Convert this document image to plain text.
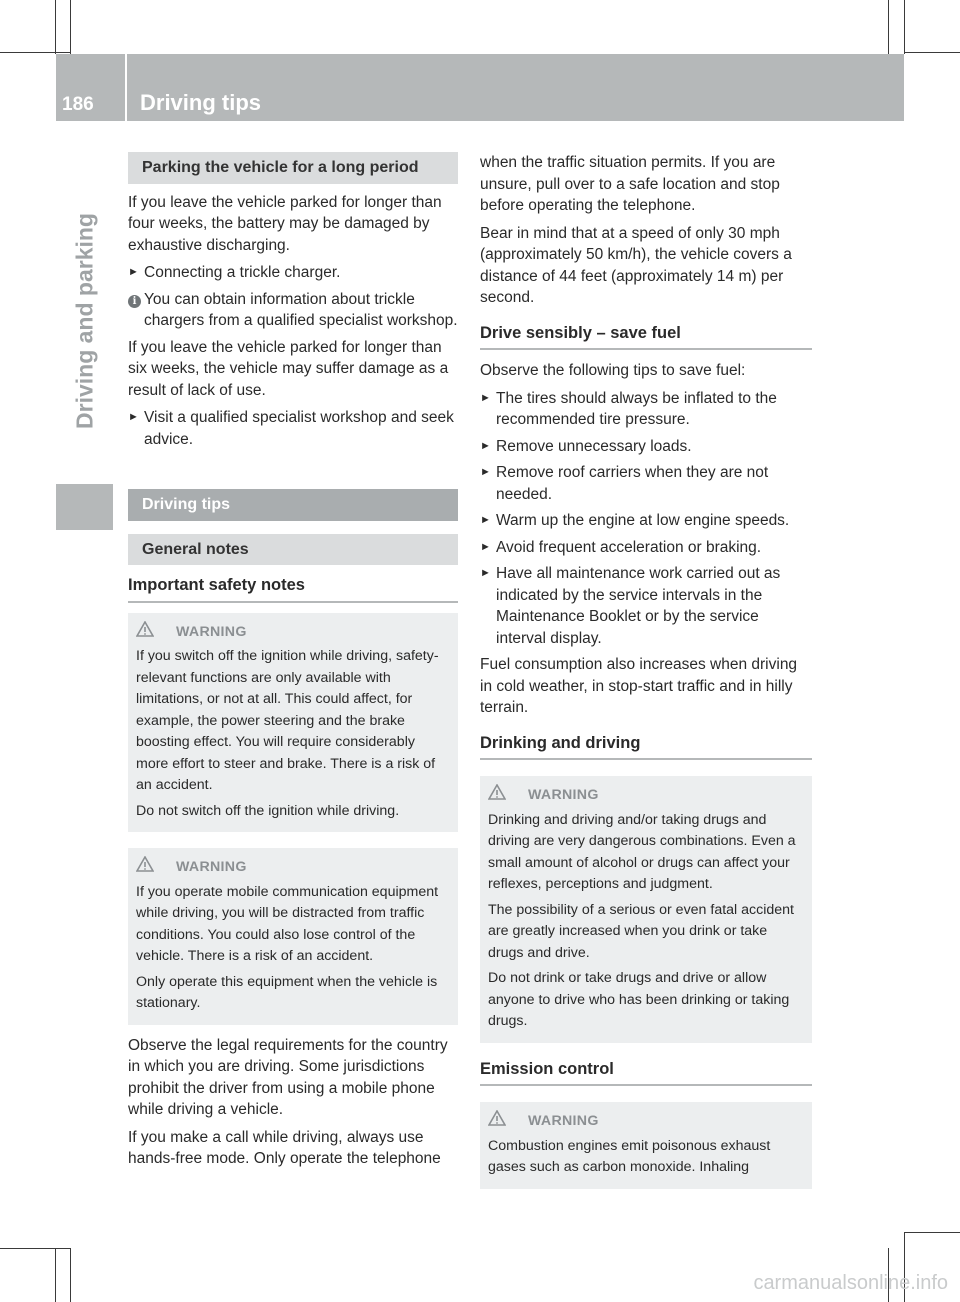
186 Driving tips
Driving and parking
Parking the vehicle for a long period

If you leave the vehicle parked for longer than four weeks, the battery may be damaged by exhaustive discharging.

► Connecting a trickle charger.
i You can obtain information about trickle chargers from a qualified specialist workshop.

If you leave the vehicle parked for longer than six weeks, the vehicle may suffer damage as a result of lack of use.

► Visit a qualified specialist workshop and seek advice.
Driving tips
General notes
Important safety notes
WARNING

If you switch off the ignition while driving, safety-relevant functions are only available with limitations, or not at all. This could affect, for example, the power steering and the brake boosting effect. You will require considerably more effort to steer and brake. There is a risk of an accident.

Do not switch off the ignition while driving.

WARNING

If you operate mobile communication equipment while driving, you will be distracted from traffic conditions. You could also lose control of the vehicle. There is a risk of an accident.

Only operate this equipment when the vehicle is stationary.

Observe the legal requirements for the country in which you are driving. Some jurisdictions prohibit the driver from using a mobile phone while driving a vehicle.

If you make a call while driving, always use hands-free mode. Only operate the telephone

when the traffic situation permits. If you are unsure, pull over to a safe location and stop before operating the telephone.

Bear in mind that at a speed of only 30 mph (approximately 50 km/h), the vehicle covers a distance of 44 feet (approximately 14 m) per second.

Drive sensibly – save fuel

Observe the following tips to save fuel:

► The tires should always be inflated to the recommended tire pressure.
► Remove unnecessary loads.
► Remove roof carriers when they are not needed.
► Warm up the engine at low engine speeds.
► Avoid frequent acceleration or braking.
► Have all maintenance work carried out as indicated by the service intervals in the Maintenance Booklet or by the service interval display.

Fuel consumption also increases when driving in cold weather, in stop-start traffic and in hilly terrain.

Drinking and driving
WARNING

Drinking and driving and/or taking drugs and driving are very dangerous combinations. Even a small amount of alcohol or drugs can affect your reflexes, perceptions and judgment.

The possibility of a serious or even fatal accident are greatly increased when you drink or take drugs and drive.

Do not drink or take drugs and drive or allow anyone to drive who has been drinking or taking drugs.

Emission control
WARNING

Combustion engines emit poisonous exhaust gases such as carbon monoxide. Inhaling

carmanualsonline.info
